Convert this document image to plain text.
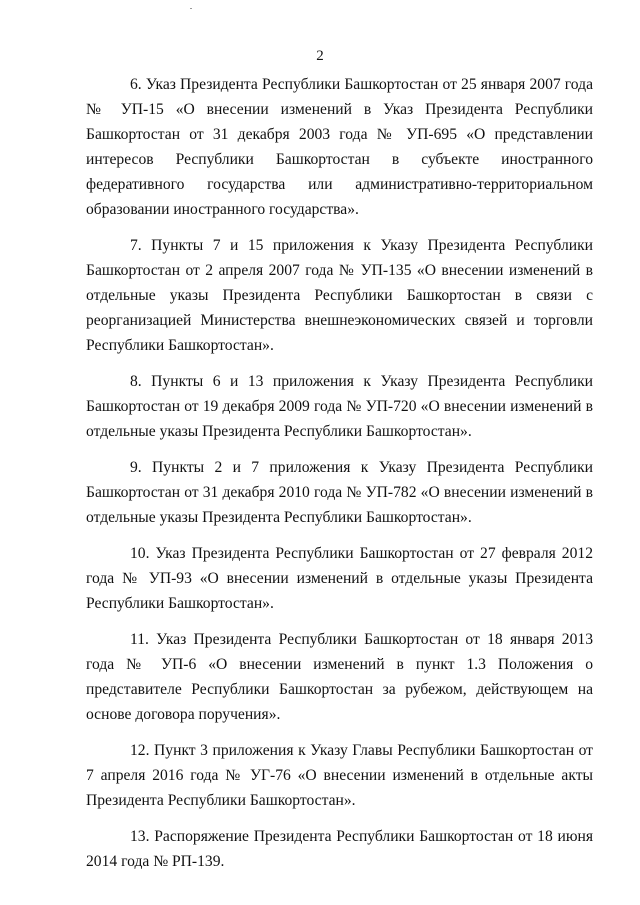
2

6. Указ Президента Республики Башкортостан от 25 января 2007 года № УП-15 «О внесении изменений в Указ Президента Республики Башкортостан от 31 декабря 2003 года № УП-695 «О представлении интересов Республики Башкортостан в субъекте иностранного федеративного государства или административно-территориальном образовании иностранного государства».

7. Пункты 7 и 15 приложения к Указу Президента Республики Башкортостан от 2 апреля 2007 года № УП-135 «О внесении изменений в отдельные указы Президента Республики Башкортостан в связи с реорганизацией Министерства внешнеэкономических связей и торговли Республики Башкортостан».

8. Пункты 6 и 13 приложения к Указу Президента Республики Башкортостан от 19 декабря 2009 года № УП-720 «О внесении изменений в отдельные указы Президента Республики Башкортостан».

9. Пункты 2 и 7 приложения к Указу Президента Республики Башкортостан от 31 декабря 2010 года № УП-782 «О внесении изменений в отдельные указы Президента Республики Башкортостан».

10. Указ Президента Республики Башкортостан от 27 февраля 2012 года № УП-93 «О внесении изменений в отдельные указы Президента Республики Башкортостан».

11. Указ Президента Республики Башкортостан от 18 января 2013 года № УП-6 «О внесении изменений в пункт 1.3 Положения о представителе Республики Башкортостан за рубежом, действующем на основе договора поручения».

12. Пункт 3 приложения к Указу Главы Республики Башкортостан от 7 апреля 2016 года № УГ-76 «О внесении изменений в отдельные акты Президента Республики Башкортостан».

13. Распоряжение Президента Республики Башкортостан от 18 июня 2014 года № РП-139.
